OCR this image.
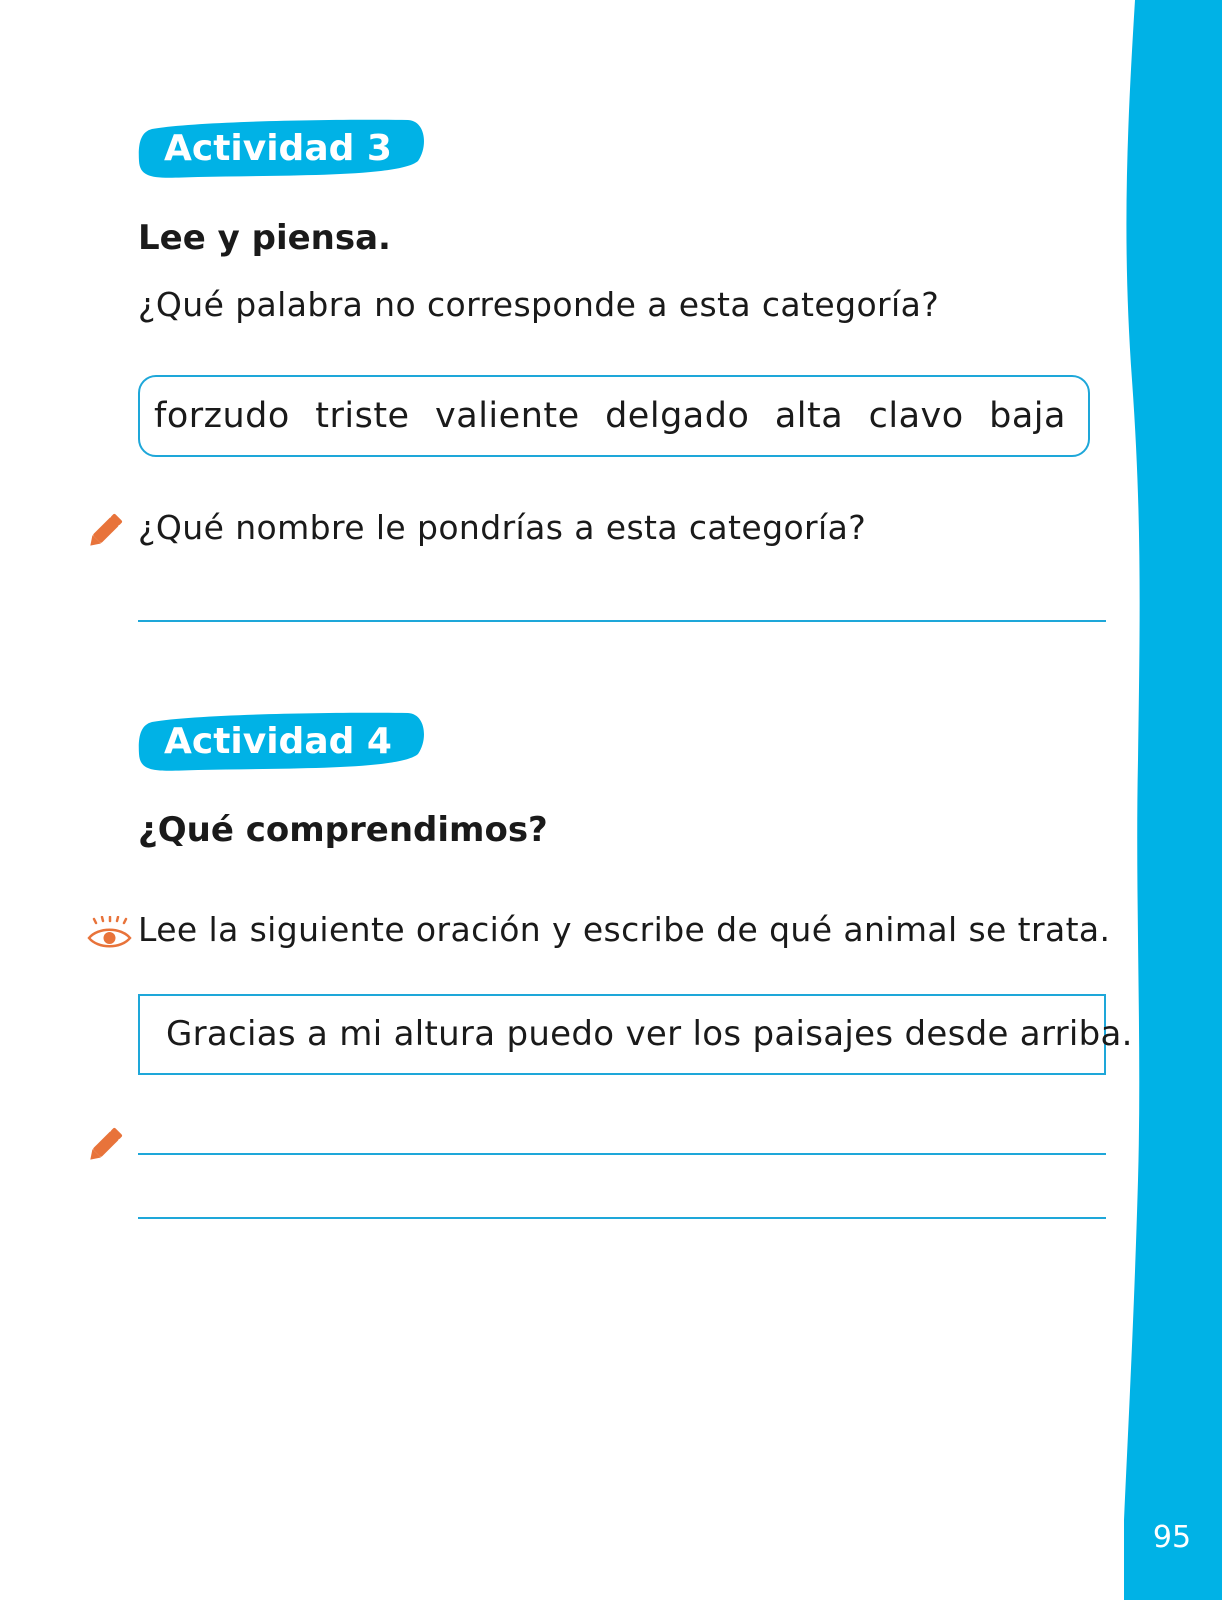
95
Actividad 3
Lee y piensa.
¿Qué palabra no corresponde a esta categoría?
forzudo triste valiente delgado alta clavo baja
¿Qué nombre le pondrías a esta categoría?
Actividad 4
¿Qué comprendimos?
Lee la siguiente oración y escribe de qué animal se trata.
Gracias a mi altura puedo ver los paisajes desde arriba.
